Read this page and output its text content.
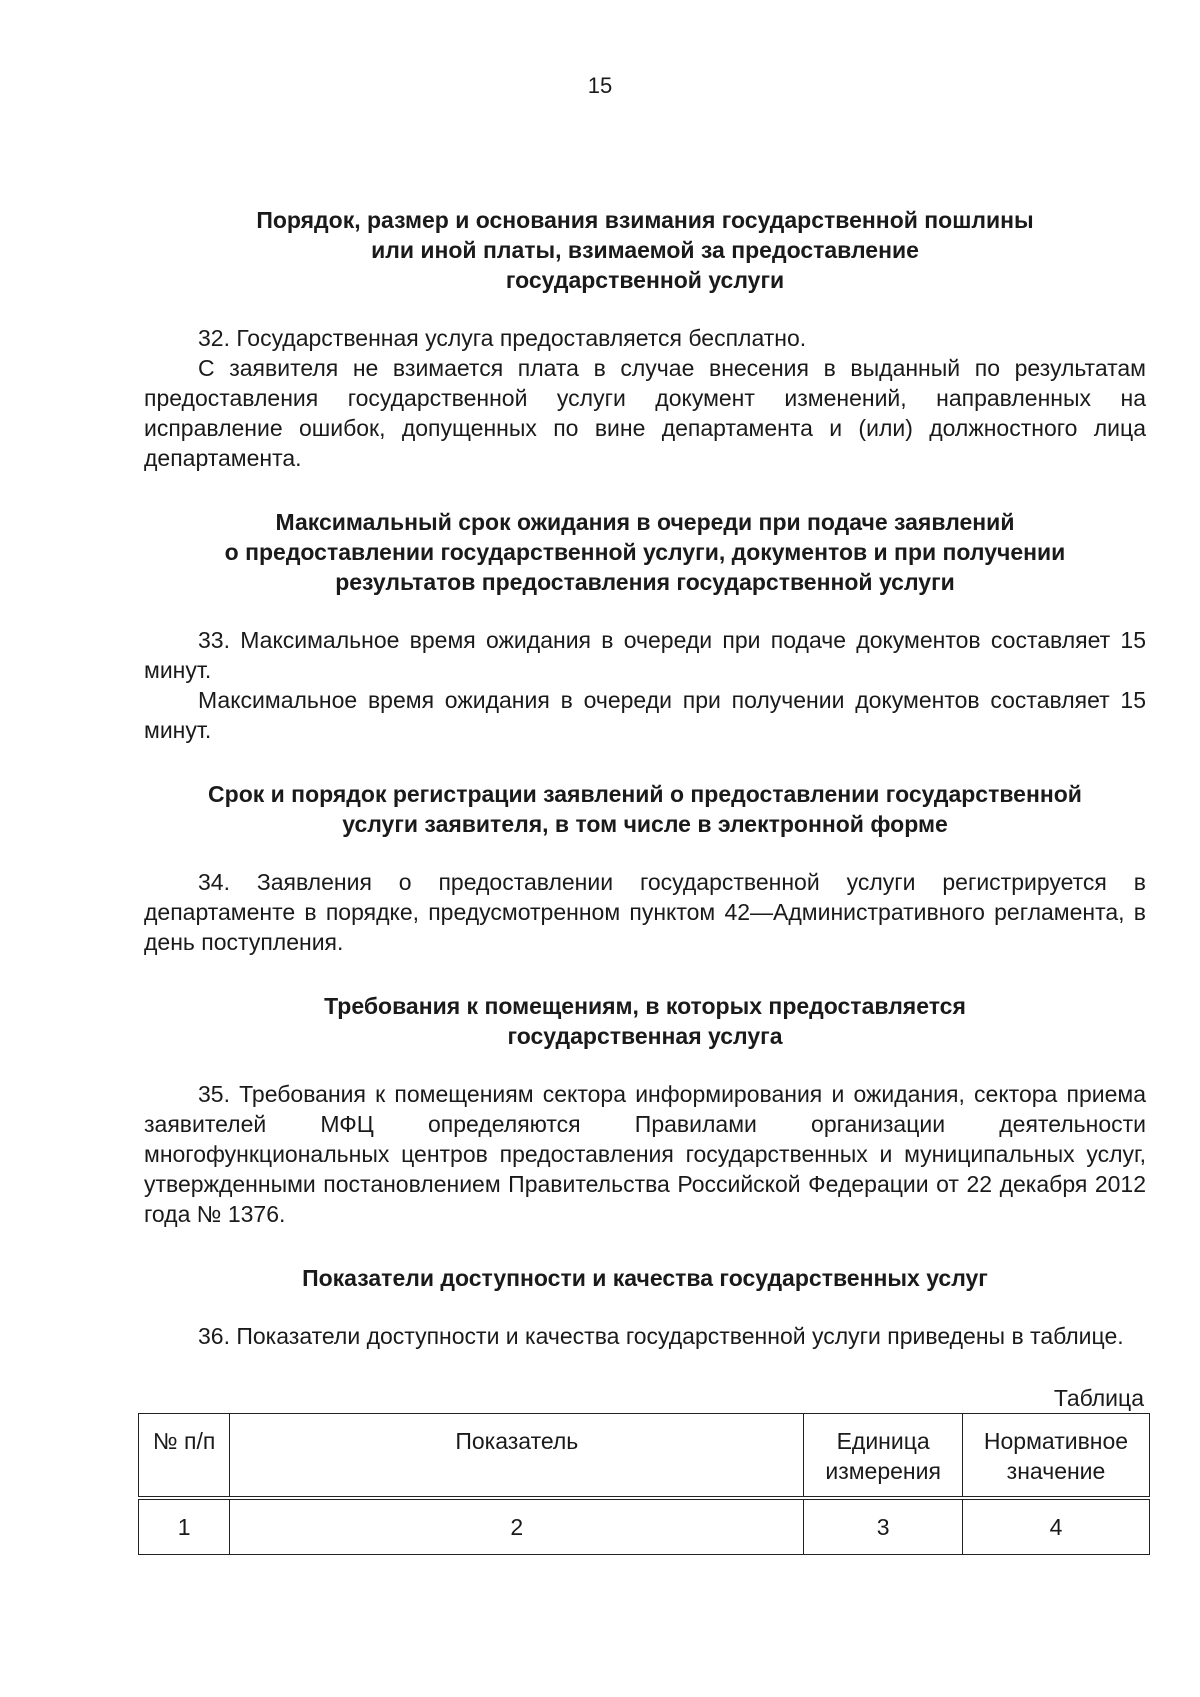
15
Порядок, размер и основания взимания государственной пошлины
или иной платы, взимаемой за предоставление
государственной услуги

32. Государственная услуга предоставляется бесплатно.

С заявителя не взимается плата в случае внесения в выданный по результатам предоставления государственной услуги документ изменений, направленных на исправление ошибок, допущенных по вине департамента и (или) должностного лица департамента.

Максимальный срок ожидания в очереди при подаче заявлений
о предоставлении государственной услуги, документов и при получении
результатов предоставления государственной услуги

33. Максимальное время ожидания в очереди при подаче документов составляет 15 минут.

Максимальное время ожидания в очереди при получении документов составляет 15 минут.

Срок и порядок регистрации заявлений о предоставлении государственной
услуги заявителя, в том числе в электронной форме

34. Заявления о предоставлении государственной услуги регистрируется в департаменте в порядке, предусмотренном пунктом 42—Административного регламента, в день поступления.

Требования к помещениям, в которых предоставляется
государственная услуга

35. Требования к помещениям сектора информирования и ожидания, сектора приема заявителей МФЦ определяются Правилами организации деятельности многофункциональных центров предоставления государственных и муниципальных услуг, утвержденными постановлением Правительства Российской Федерации от 22 декабря 2012 года № 1376.

Показатели доступности и качества государственных услуг

36. Показатели доступности и качества государственной услуги приведены в таблице.

Таблица
№ п/п	Показатель	Единица измерения	Нормативное значение
1	2	3	4
